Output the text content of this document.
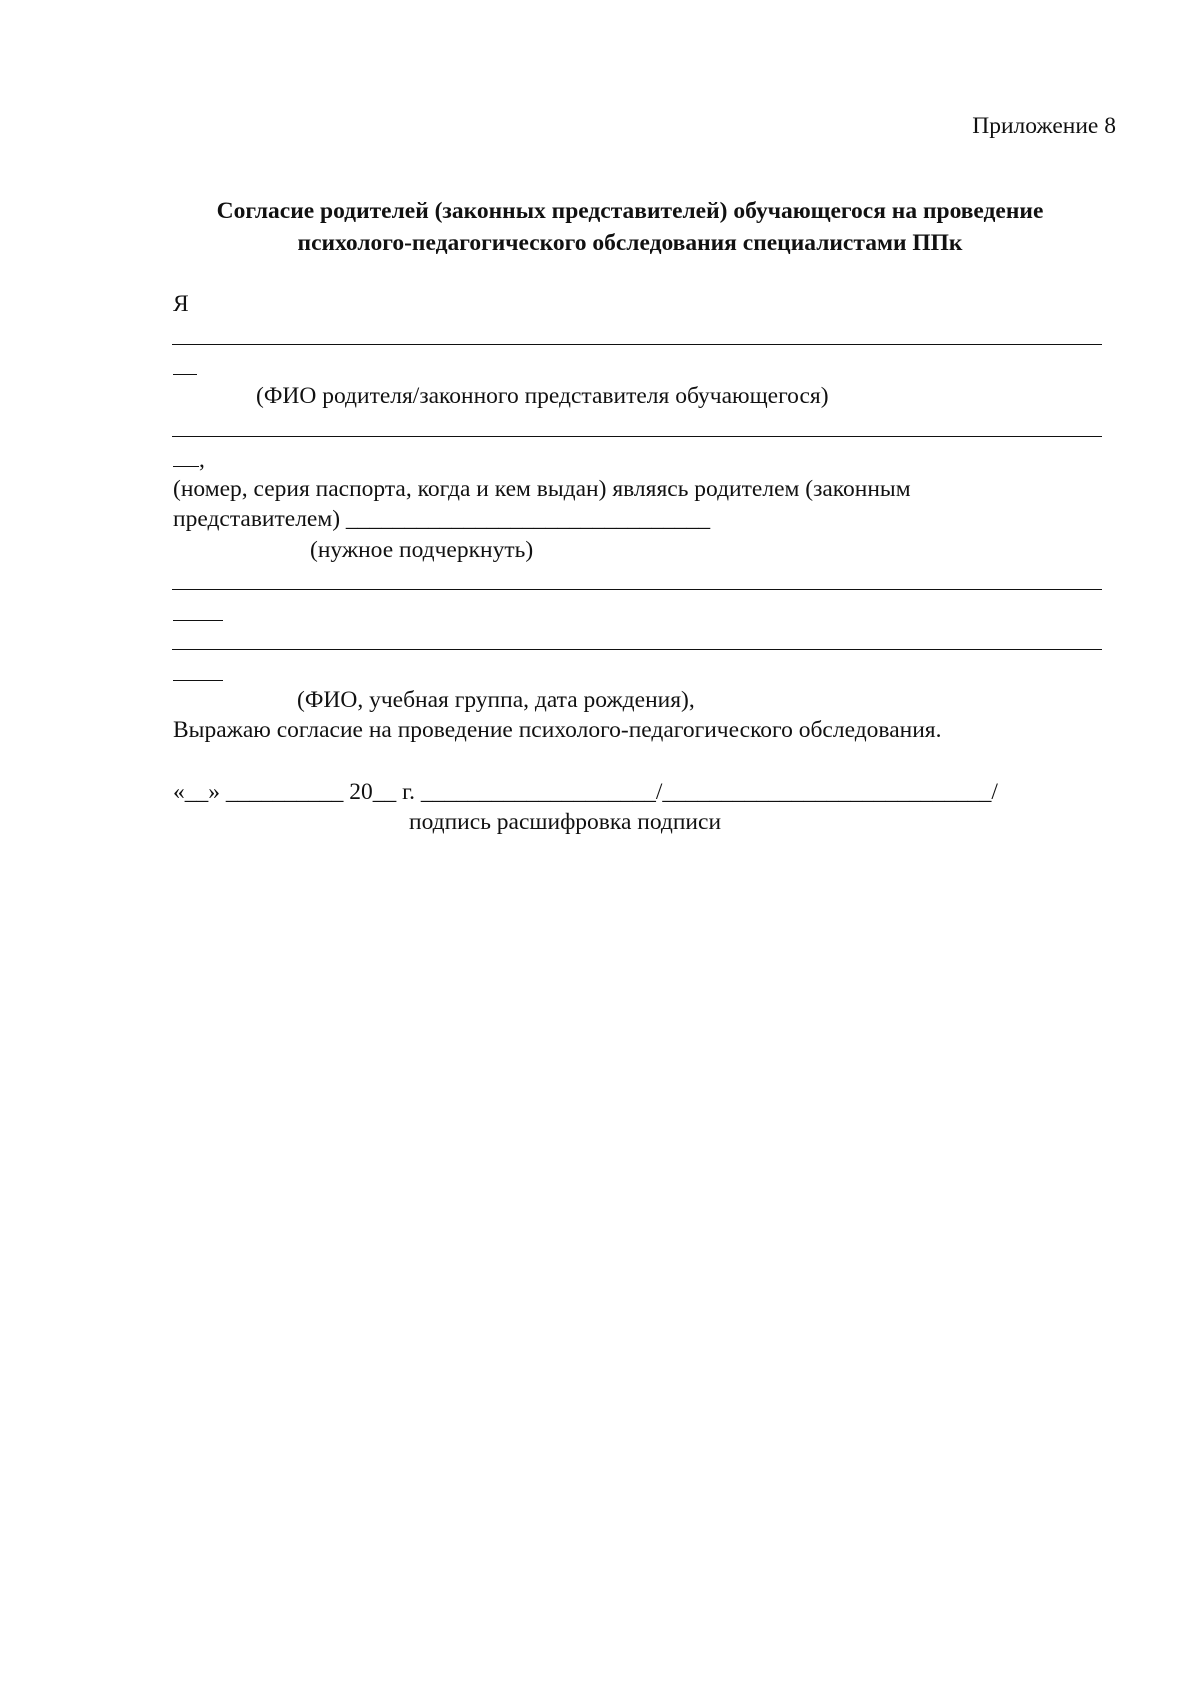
Приложение 8
Согласие родителей (законных представителей) обучающегося на проведение
психолого-педагогического обследования специалистами ППк
Я
(ФИО родителя/законного представителя обучающегося)
,
(номер, серия паспорта, когда и кем выдан) являясь родителем (законным
представителем) _______________________________
(нужное подчеркнуть)
(ФИО, учебная группа, дата рождения),
Выражаю согласие на проведение психолого-педагогического обследования.
«__» __________ 20__ г. ____________________/____________________________/
подпись расшифровка подписи
